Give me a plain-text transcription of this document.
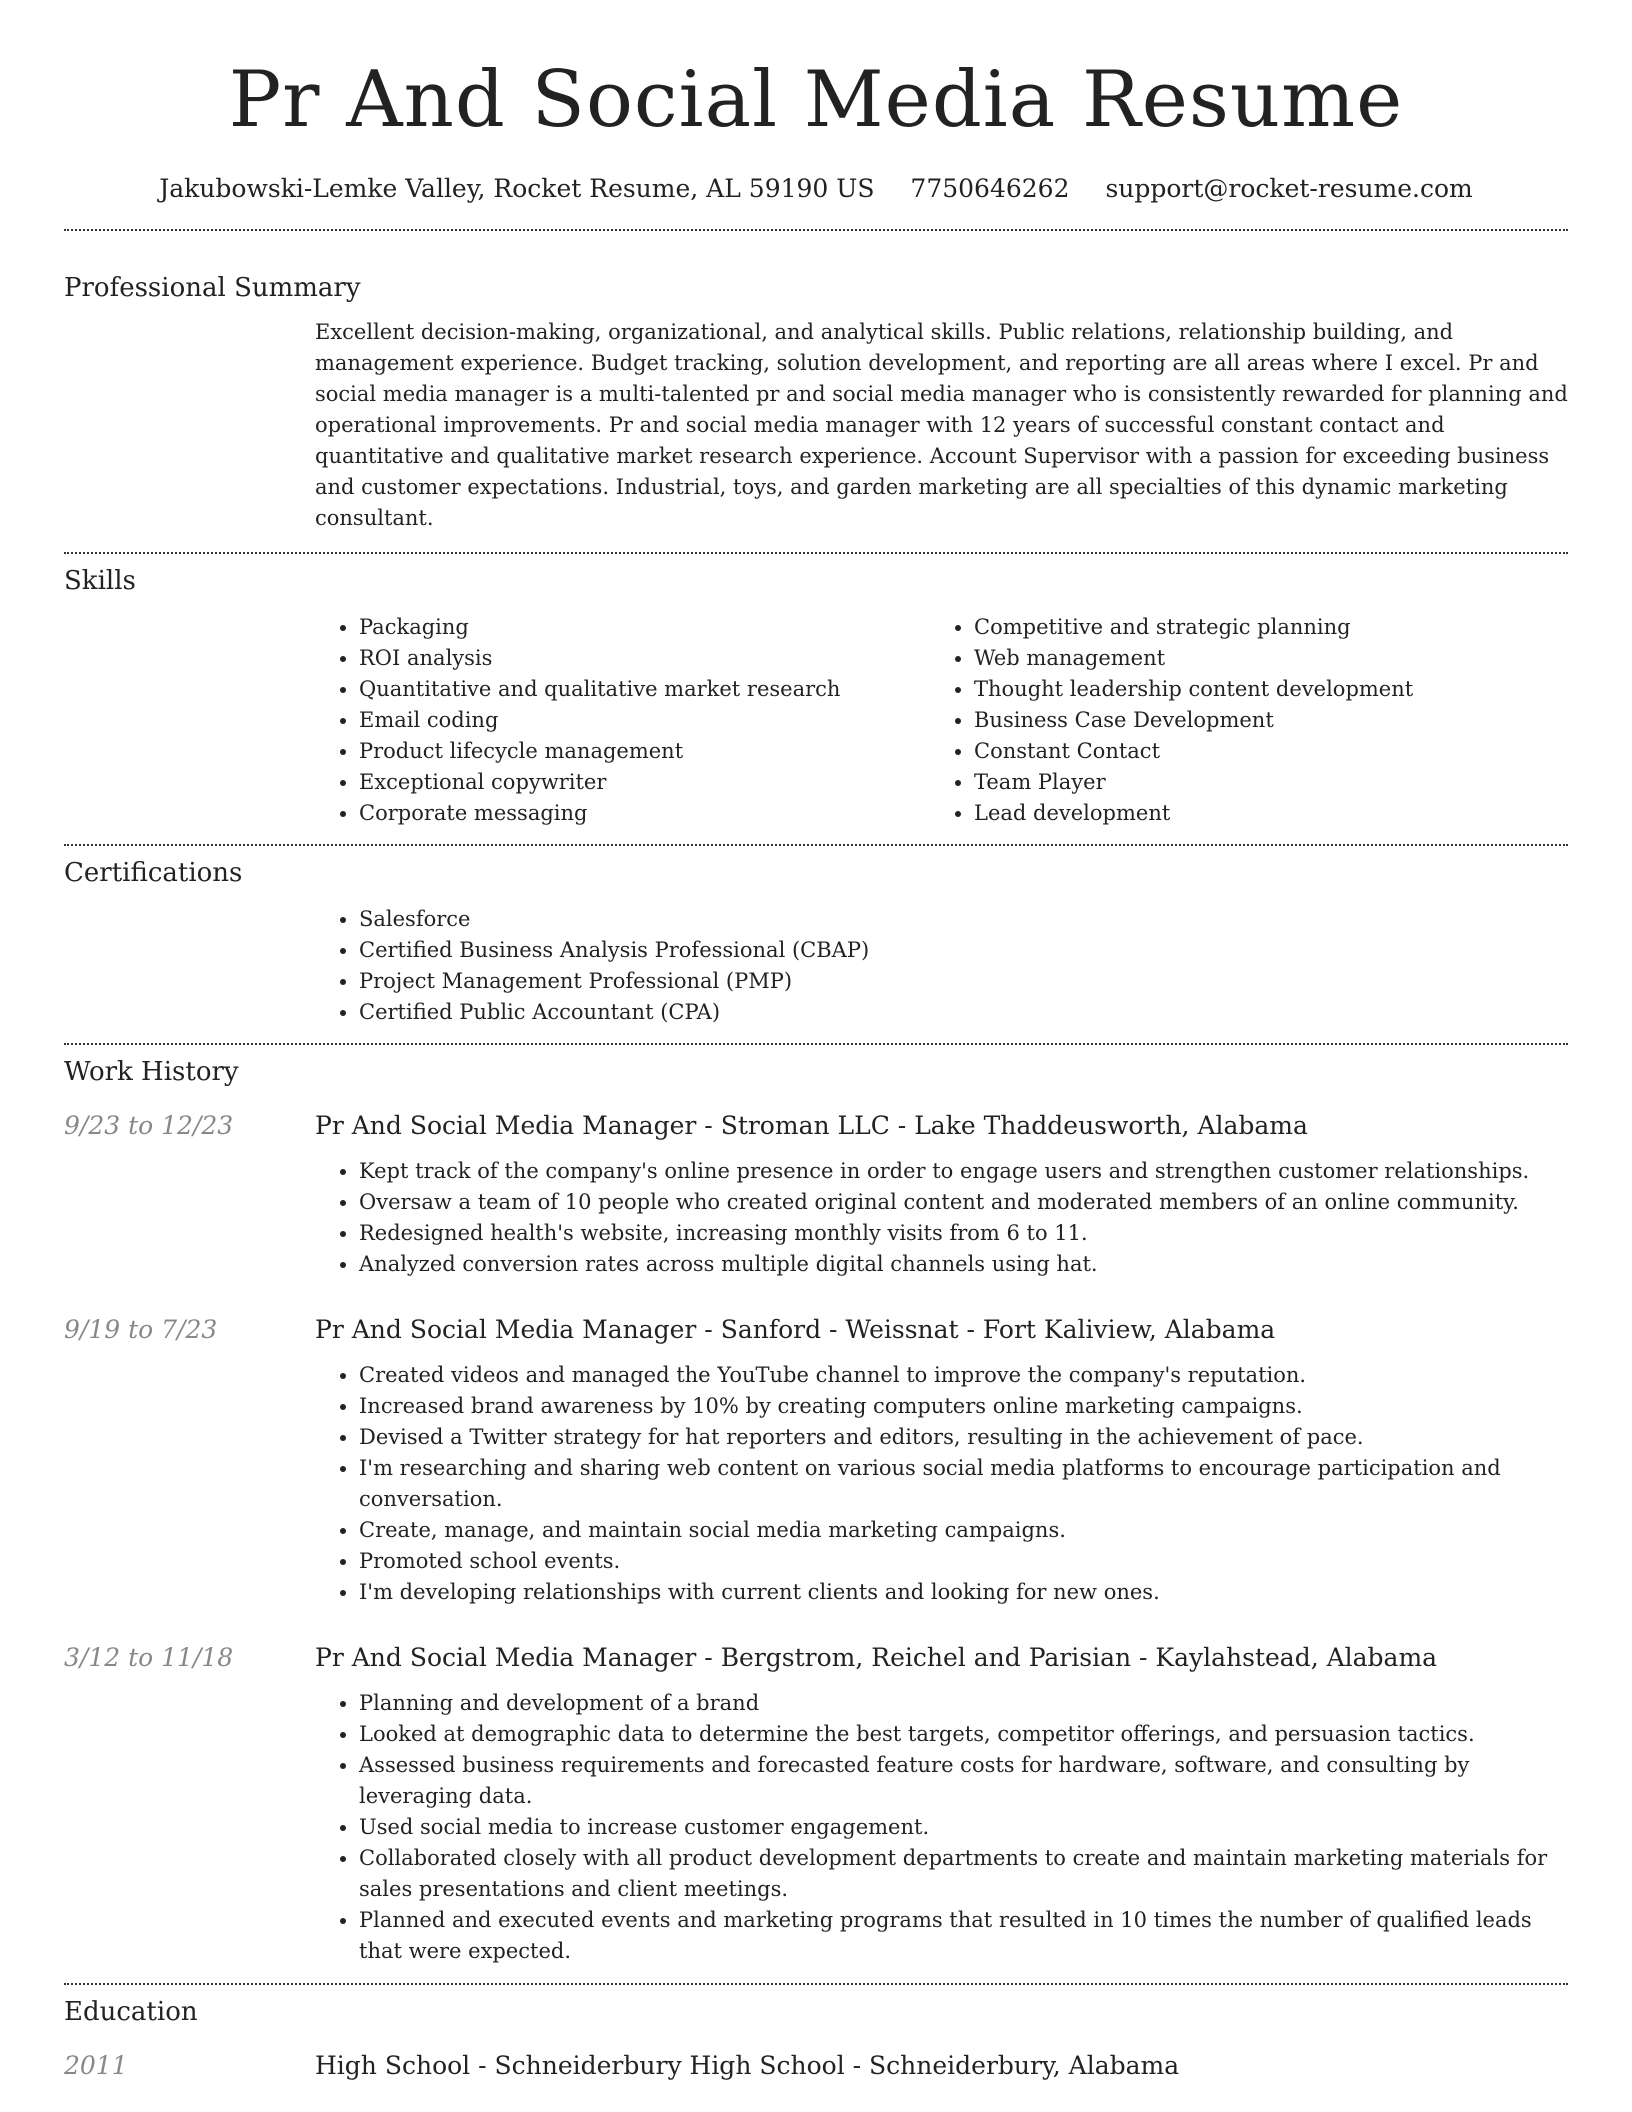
Pr And Social Media Resume
Jakubowski-Lemke Valley, Rocket Resume, AL 59190 US 7750646262 support@rocket-resume.com
Professional Summary

Excellent decision-making, organizational, and analytical skills. Public relations, relationship building, and management experience. Budget tracking, solution development, and reporting are all areas where I excel. Pr and social media manager is a multi-talented pr and social media manager who is consistently rewarded for planning and operational improvements. Pr and social media manager with 12 years of successful constant contact and quantitative and qualitative market research experience. Account Supervisor with a passion for exceeding business and customer expectations. Industrial, toys, and garden marketing are all specialties of this dynamic marketing consultant.

Skills
• Packaging
• ROI analysis
• Quantitative and qualitative market research
• Email coding
• Product lifecycle management
• Exceptional copywriter
• Corporate messaging
• Competitive and strategic planning
• Web management
• Thought leadership content development
• Business Case Development
• Constant Contact
• Team Player
• Lead development
Certifications
• Salesforce
• Certified Business Analysis Professional (CBAP)
• Project Management Professional (PMP)
• Certified Public Accountant (CPA)
Work History
9/23 to 12/23	Pr And Social Media Manager - Stroman LLC - Lake Thaddeusworth, Alabama
• Kept track of the company's online presence in order to engage users and strengthen customer relationships.
• Oversaw a team of 10 people who created original content and moderated members of an online community.
• Redesigned health's website, increasing monthly visits from 6 to 11.
• Analyzed conversion rates across multiple digital channels using hat.
9/19 to 7/23	Pr And Social Media Manager - Sanford - Weissnat - Fort Kaliview, Alabama
• Created videos and managed the YouTube channel to improve the company's reputation.
• Increased brand awareness by 10% by creating computers online marketing campaigns.
• Devised a Twitter strategy for hat reporters and editors, resulting in the achievement of pace.
• I'm researching and sharing web content on various social media platforms to encourage participation and conversation.
• Create, manage, and maintain social media marketing campaigns.
• Promoted school events.
• I'm developing relationships with current clients and looking for new ones.
3/12 to 11/18	Pr And Social Media Manager - Bergstrom, Reichel and Parisian - Kaylahstead, Alabama
• Planning and development of a brand
• Looked at demographic data to determine the best targets, competitor offerings, and persuasion tactics.
• Assessed business requirements and forecasted feature costs for hardware, software, and consulting by leveraging data.
• Used social media to increase customer engagement.
• Collaborated closely with all product development departments to create and maintain marketing materials for sales presentations and client meetings.
• Planned and executed events and marketing programs that resulted in 10 times the number of qualified leads that were expected.
Education
2011	High School - Schneiderbury High School - Schneiderbury, Alabama
